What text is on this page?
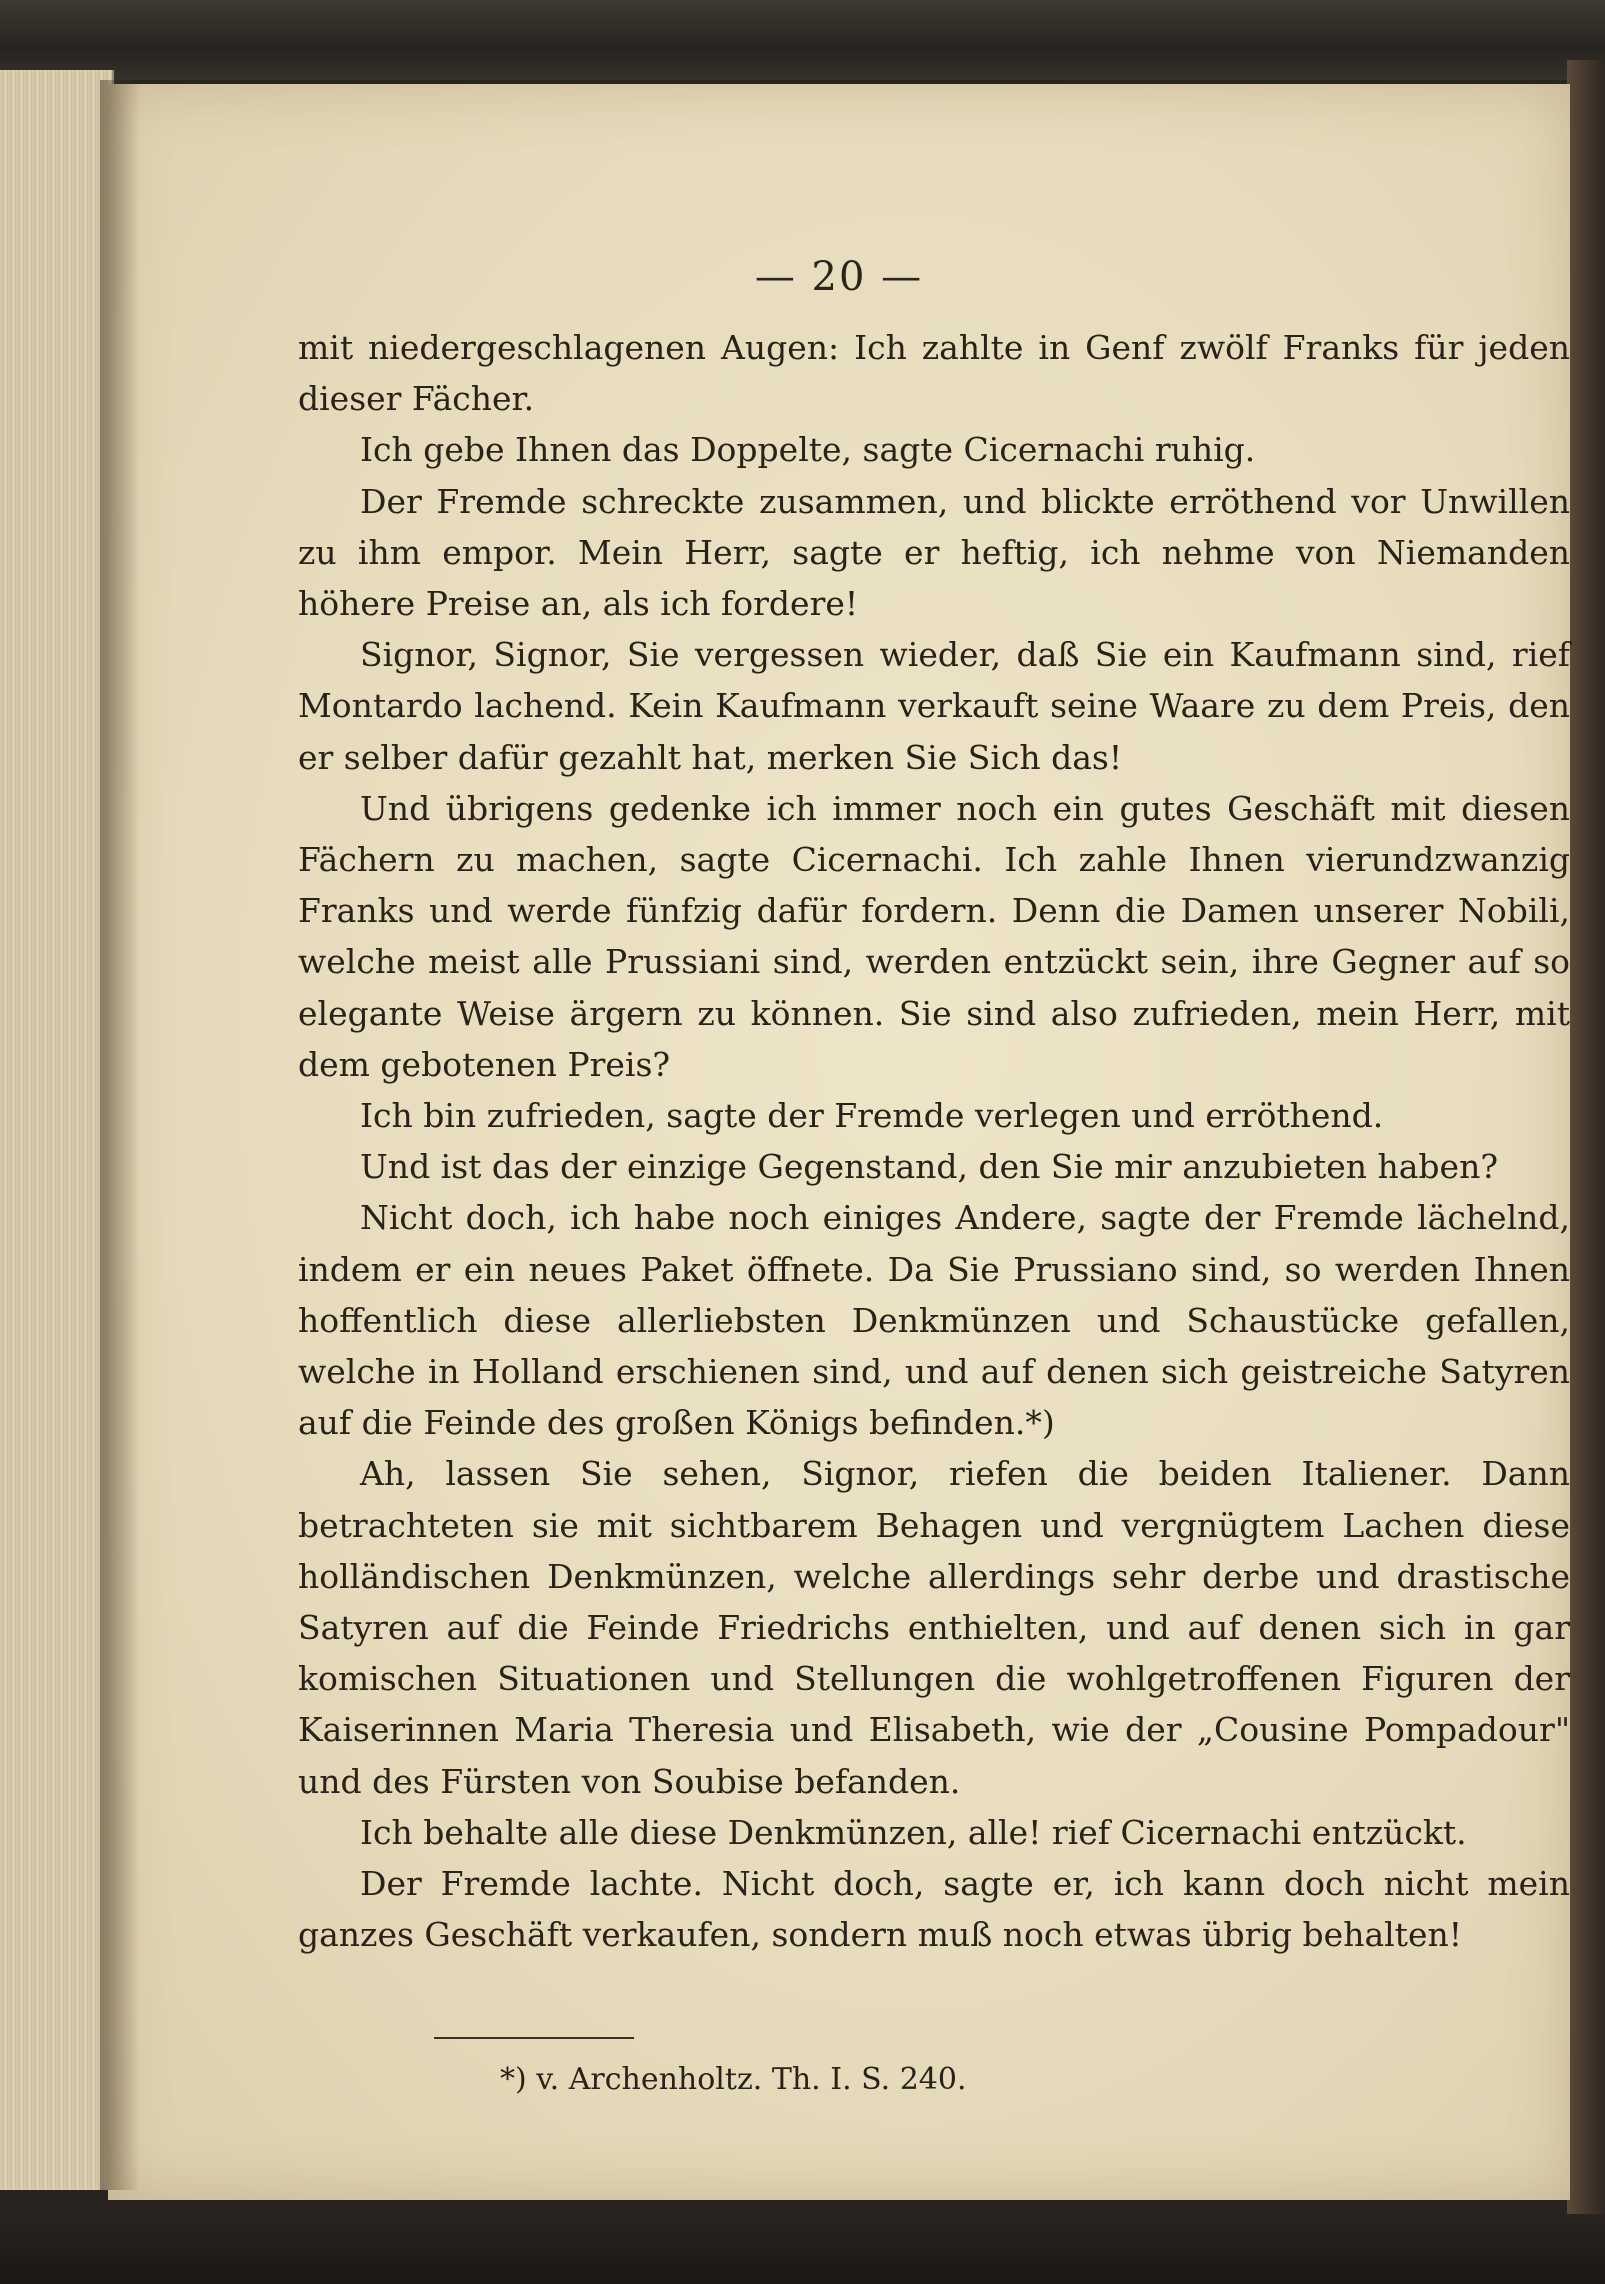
— 20 —

mit niedergeschlagenen Augen: Ich zahlte in Genf zwölf Franks für jeden dieser Fächer.

Ich gebe Ihnen das Doppelte, sagte Cicernachi ruhig.

Der Fremde schreckte zusammen, und blickte erröthend vor Unwillen zu ihm empor. Mein Herr, sagte er heftig, ich nehme von Niemanden höhere Preise an, als ich fordere!

Signor, Signor, Sie vergessen wieder, daß Sie ein Kaufmann sind, rief Montardo lachend. Kein Kaufmann verkauft seine Waare zu dem Preis, den er selber dafür gezahlt hat, merken Sie Sich das!

Und übrigens gedenke ich immer noch ein gutes Geschäft mit diesen Fächern zu machen, sagte Cicernachi. Ich zahle Ihnen vierundzwanzig Franks und werde fünfzig dafür fordern. Denn die Damen unserer Nobili, welche meist alle Prussiani sind, werden entzückt sein, ihre Gegner auf so elegante Weise ärgern zu können. Sie sind also zufrieden, mein Herr, mit dem gebotenen Preis?

Ich bin zufrieden, sagte der Fremde verlegen und erröthend.

Und ist das der einzige Gegenstand, den Sie mir anzubieten haben?

Nicht doch, ich habe noch einiges Andere, sagte der Fremde lächelnd, indem er ein neues Paket öffnete. Da Sie Prussiano sind, so werden Ihnen hoffentlich diese allerliebsten Denkmünzen und Schaustücke gefallen, welche in Holland erschienen sind, und auf denen sich geistreiche Satyren auf die Feinde des großen Königs befinden.*)

Ah, lassen Sie sehen, Signor, riefen die beiden Italiener. Dann betrachteten sie mit sichtbarem Behagen und vergnügtem Lachen diese holländischen Denkmünzen, welche allerdings sehr derbe und drastische Satyren auf die Feinde Friedrichs enthielten, und auf denen sich in gar komischen Situationen und Stellungen die wohlgetroffenen Figuren der Kaiserinnen Maria Theresia und Elisabeth, wie der „Cousine Pompadour" und des Fürsten von Soubise befanden.

Ich behalte alle diese Denkmünzen, alle! rief Cicernachi entzückt.

Der Fremde lachte. Nicht doch, sagte er, ich kann doch nicht mein ganzes Geschäft verkaufen, sondern muß noch etwas übrig behalten!

*) v. Archenholtz. Th. I. S. 240.
